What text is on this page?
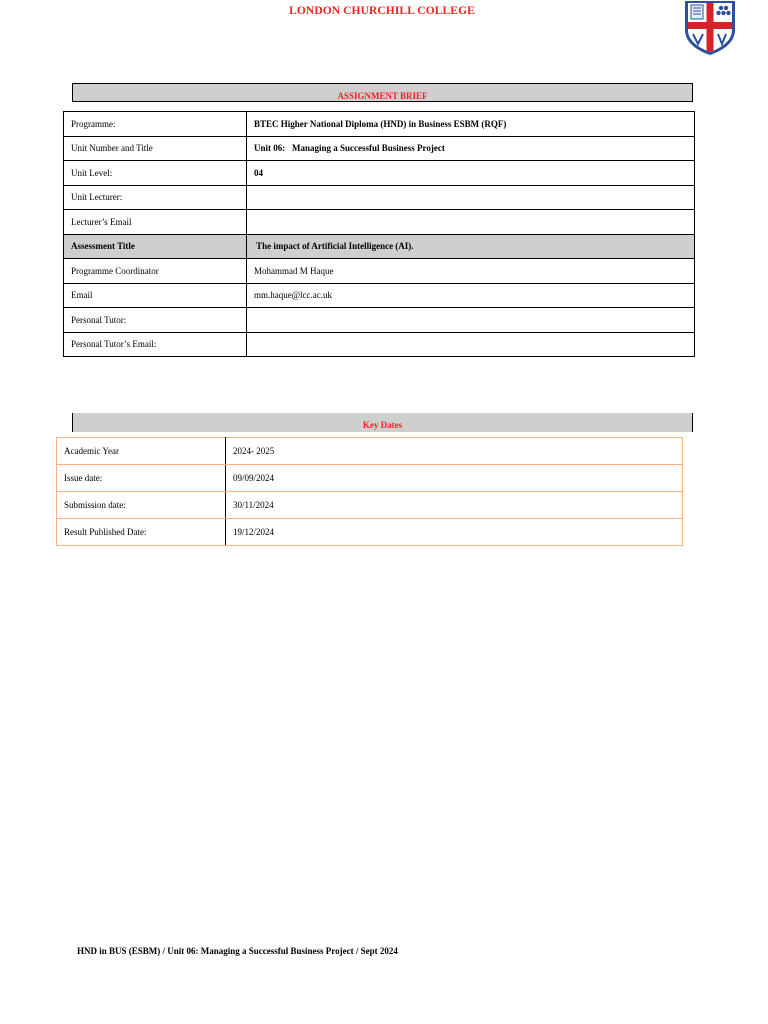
LONDON CHURCHILL COLLEGE
ASSIGNMENT BRIEF
Programme:	BTEC Higher National Diploma (HND) in Business ESBM (RQF)
Unit Number and Title	Unit 06:   Managing a Successful Business Project
Unit Level:	04
Unit Lecturer:	
Lecturer’s Email	
Assessment Title	The impact of Artificial Intelligence (AI).
Programme Coordinator	Mohammad M Haque
Email	mm.haque@lcc.ac.uk
Personal Tutor:	
Personal Tutor’s Email:	
Key Dates
Academic Year	2024- 2025
Issue date:	09/09/2024
Submission date:	30/11/2024
Result Published Date:	19/12/2024
HND in BUS (ESBM) / Unit 06: Managing a Successful Business Project / Sept 2024
